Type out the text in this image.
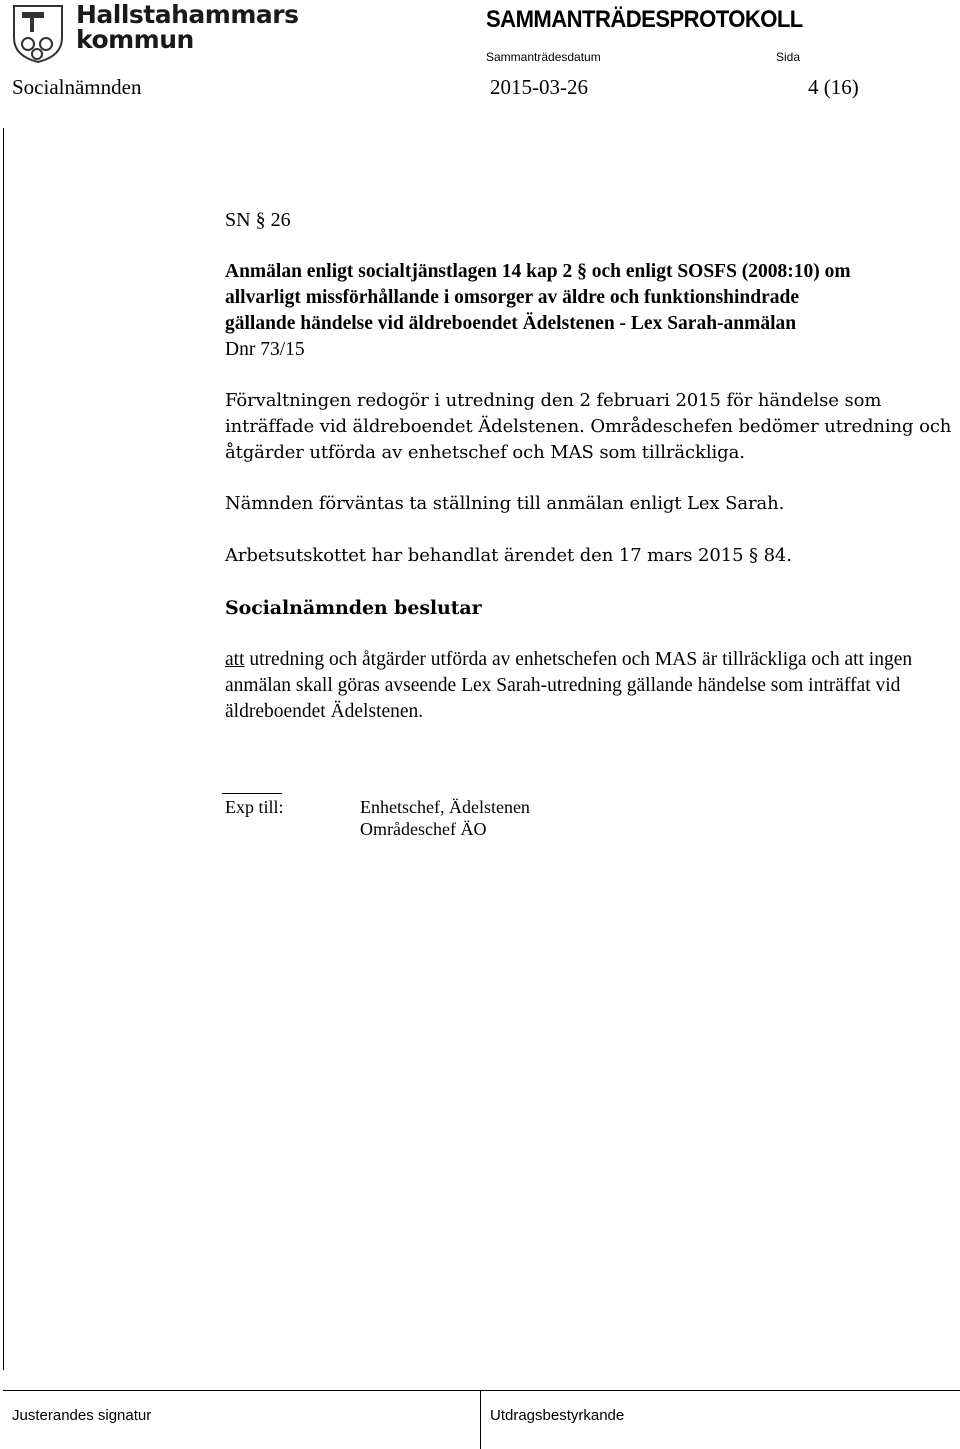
Hallstahammars
kommun
SAMMANTRÄDESPROTOKOLL
Sammanträdesdatum	Sida
Socialnämnden	2015-03-26	4 (16)
SN § 26
Anmälan enligt socialtjänstlagen 14 kap 2 § och enligt SOSFS (2008:10) om
allvarligt missförhållande i omsorger av äldre och funktionshindrade
gällande händelse vid äldreboendet Ädelstenen - Lex Sarah-anmälan
Dnr 73/15

Förvaltningen redogör i utredning den 2 februari 2015 för händelse som inträffade vid äldreboendet Ädelstenen. Områdeschefen bedömer utredning och åtgärder utförda av enhetschef och MAS som tillräckliga.

Nämnden förväntas ta ställning till anmälan enligt Lex Sarah.

Arbetsutskottet har behandlat ärendet den 17 mars 2015 § 84.

Socialnämnden beslutar

att utredning och åtgärder utförda av enhetschefen och MAS är tillräckliga och att ingen anmälan skall göras avseende Lex Sarah-utredning gällande händelse som inträffat vid äldreboendet Ädelstenen.

Exp till:	Enhetschef, Ädelstenen
Områdeschef ÄO
Justerandes signatur	Utdragsbestyrkande
